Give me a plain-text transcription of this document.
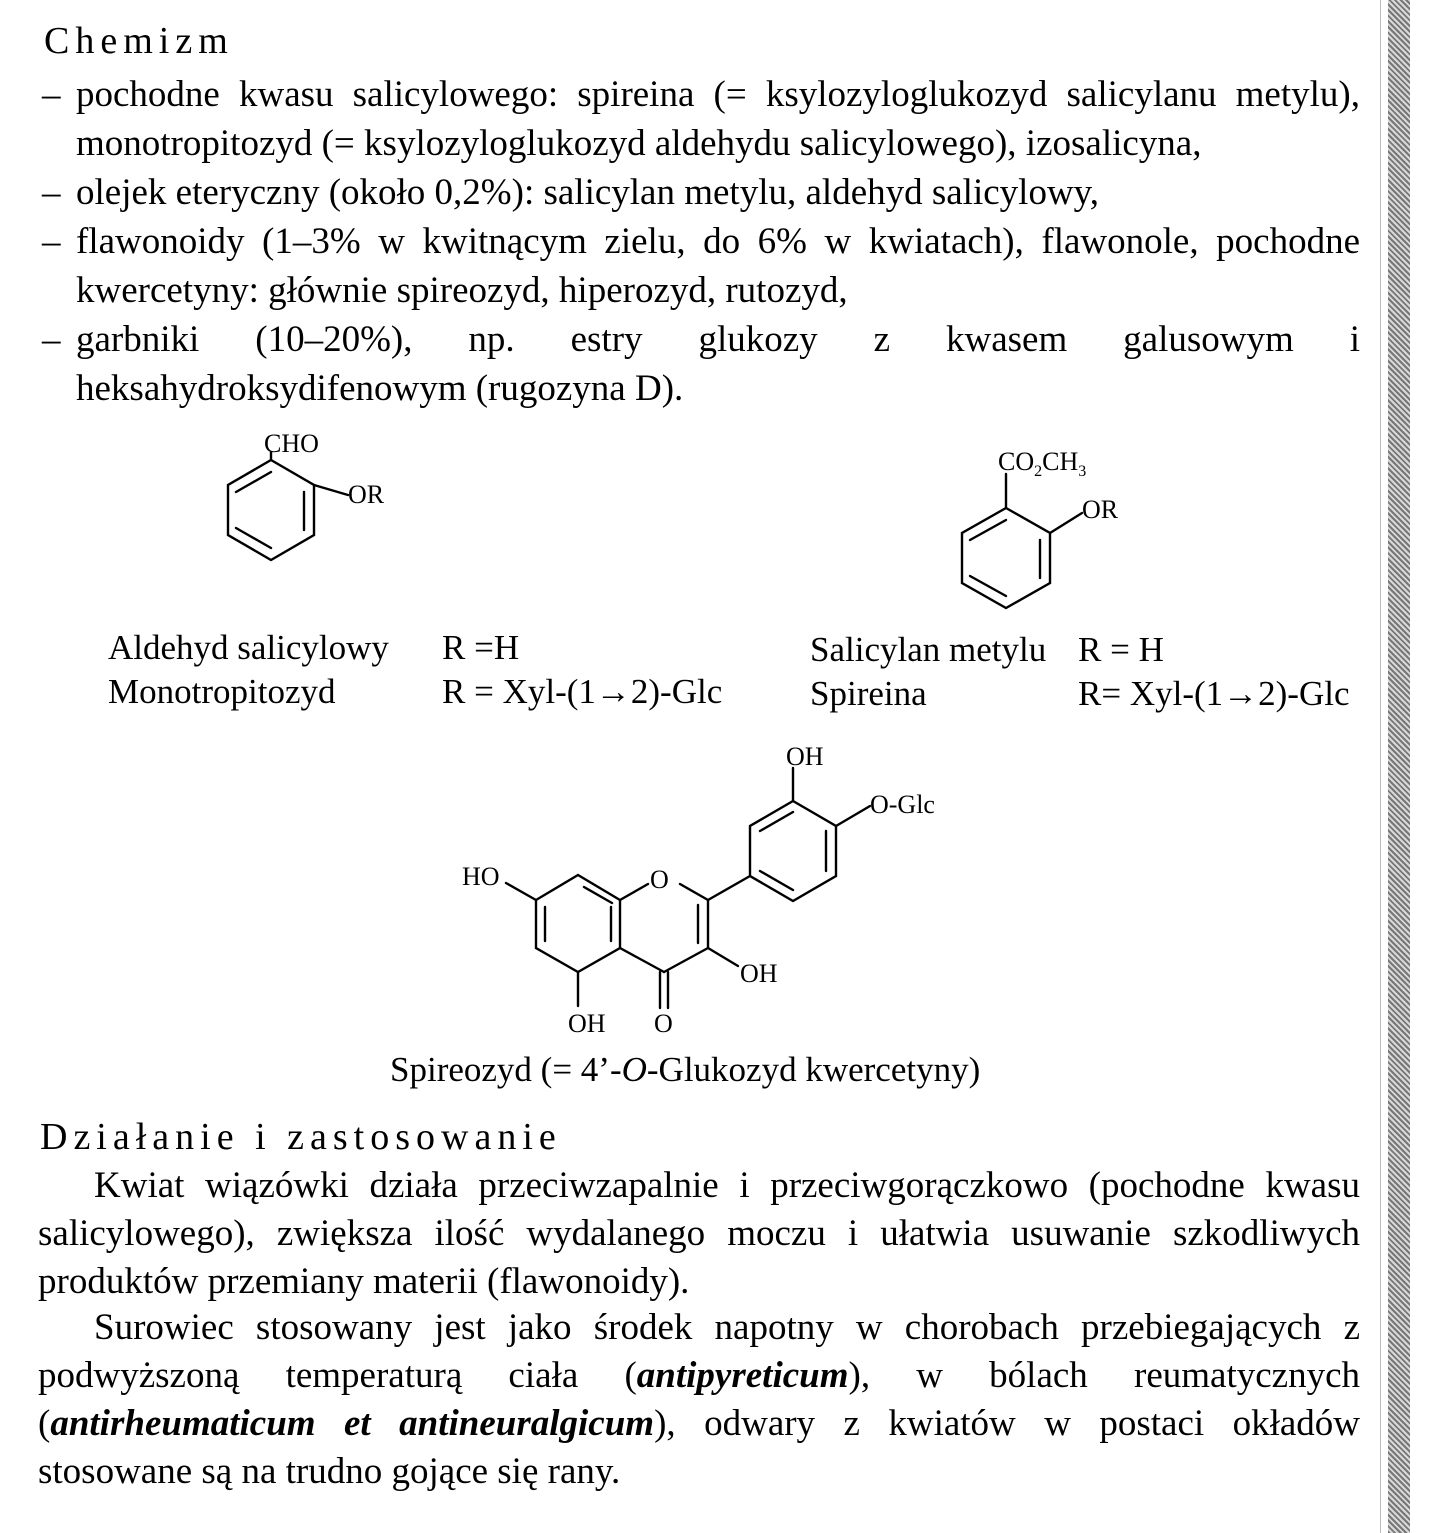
Chemizm
– pochodne kwasu salicylowego: spireina (= ksylozyloglukozyd salicylanu metylu), monotropitozyd (= ksylozyloglukozyd aldehydu salicylowego), izosalicyna,
– olejek eteryczny (około 0,2%): salicylan metylu, aldehyd salicylowy,
– flawonoidy (1–3% w kwitnącym zielu, do 6% w kwiatach), flawonole, pochodne kwercetyny: głównie spireozyd, hiperozyd, rutozyd,
– garbniki (10–20%), np. estry glukozy z kwasem galusowym i heksahydroksydifenowym (rugozyna D).
CHO
OR
$CO_2CH_3$
OR
OH
O-Glc
HO	O
OH
OH O
Aldehyd salicylowy R =H
Monotropitozyd	R = Xyl-(1→2)-Glc
Salicylan metylu R = H
Spireina	R= Xyl-(1→2)-Glc
Spireozyd (= 4’-O-Glukozyd kwercetyny)
Działanie i zastosowanie
Kwiat wiązówki działa przeciwzapalnie i przeciwgorączkowo (pochodne kwasu salicylowego), zwiększa ilość wydalanego moczu i ułatwia usuwanie szkodliwych produktów przemiany materii (flawonoidy).
Surowiec stosowany jest jako środek napotny w chorobach przebiegających z podwyższoną temperaturą ciała (antipyreticum), w bólach reumatycznych (antirheumaticum et antineuralgicum), odwary z kwiatów w postaci okładów stosowane są na trudno gojące się rany.
